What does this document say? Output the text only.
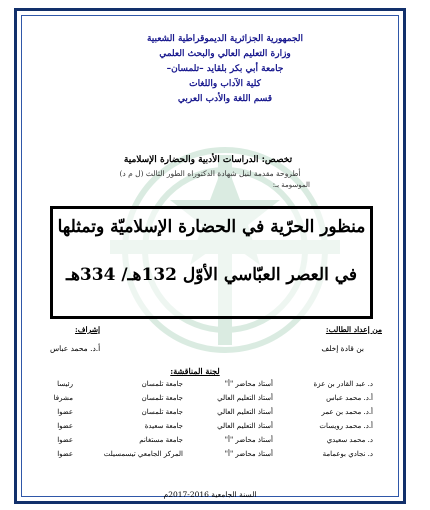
الجمهورية الجزائرية الديموقراطية الشعبية
وزارة التعليم العالي والبحث العلمي
جامعة أبي بكر بلقايد –تلمسان–
كلية الآداب واللغات
قسم اللغة والأدب العربي
تخصص: الدراسات الأدبية والحضارة الإسلامية
أطروحة مقدمة لنيل شهادة الدكتوراه الطور الثالث (ل م د)
الموسومة بـ:
منظور الحرّية في الحضارة الإسلاميّة وتمثلها
في العصر العبّاسي الأوّل 132هـ/ 334هـ
من إعداد الطالب:
بن قادة إخلف
إشراف:
أ.د. محمد عباس
لجنة المناقشة:
د. عبد القادر بن عزة
أستاذ محاضر "أ"
جامعة تلمسان
رئيسا
أ.د. محمد عباس
أستاذ التعليم العالي
جامعة تلمسان
مشرفا
أ.د. محمد بن عمر
أستاذ التعليم العالي
جامعة تلمسان
عضوا
أ.د. محمد رويسات
أستاذ التعليم العالي
جامعة سعيدة
عضوا
د. محمد سعيدي
أستاذ محاضر "أ"
جامعة مستغانم
عضوا
د. نجادي بوعمامة
أستاذ محاضر "أ"
المركز الجامعي تيسمسيلت
عضوا
السنة الجامعية 2016-2017م
